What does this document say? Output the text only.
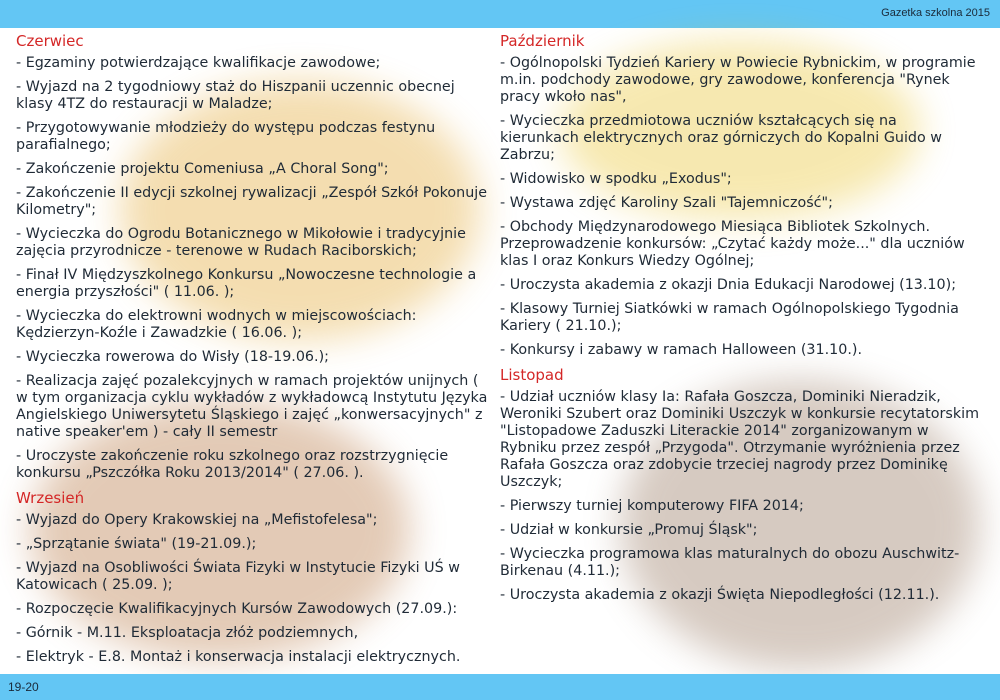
Gazetka szkolna 2015
Czerwiec
- Egzaminy potwierdzające kwalifikacje zawodowe;
- Wyjazd na 2 tygodniowy staż do Hiszpanii uczennic obecnej klasy 4TZ do restauracji w Maladze;
- Przygotowywanie młodzieży do występu podczas festynu parafialnego;
- Zakończenie projektu Comeniusa „A Choral Song";
- Zakończenie II edycji szkolnej rywalizacji „Zespół Szkół Pokonuje Kilometry";
- Wycieczka do Ogrodu Botanicznego w Mikołowie i tradycyjnie zajęcia przyrodnicze - terenowe w Rudach Raciborskich;
- Finał IV Międzyszkolnego Konkursu „Nowoczesne technologie a energia przyszłości" ( 11.06. );
- Wycieczka do elektrowni wodnych w miejscowościach: Kędzierzyn-Koźle i Zawadzkie ( 16.06. );
- Wycieczka rowerowa do Wisły (18-19.06.);
- Realizacja zajęć pozalekcyjnych w ramach projektów unijnych ( w tym organizacja cyklu wykładów z wykładowcą Instytutu Języka Angielskiego Uniwersytetu Śląskiego i zajęć „konwersacyjnych" z native speaker'em ) - cały II semestr
- Uroczyste zakończenie roku szkolnego oraz rozstrzygnięcie konkursu „Pszczółka Roku 2013/2014" ( 27.06. ).
Wrzesień
- Wyjazd do Opery Krakowskiej na „Mefistofelesa";
- „Sprzątanie świata" (19-21.09.);
- Wyjazd na Osobliwości Świata Fizyki w Instytucie Fizyki UŚ w Katowicach ( 25.09. );
- Rozpoczęcie Kwalifikacyjnych Kursów Zawodowych (27.09.):
- Górnik - M.11. Eksploatacja złóż podziemnych,
- Elektryk - E.8. Montaż i konserwacja instalacji elektrycznych.
Październik
- Ogólnopolski Tydzień Kariery w Powiecie Rybnickim, w programie m.in. podchody zawodowe, gry zawodowe, konferencja "Rynek pracy wkoło nas",
- Wycieczka przedmiotowa uczniów kształcących się na kierunkach elektrycznych oraz górniczych do Kopalni Guido w Zabrzu;
- Widowisko w spodku „Exodus";
- Wystawa zdjęć Karoliny Szali "Tajemniczość";
- Obchody Międzynarodowego Miesiąca Bibliotek Szkolnych. Przeprowadzenie konkursów: „Czytać każdy może..." dla uczniów klas I oraz Konkurs Wiedzy Ogólnej;
- Uroczysta akademia z okazji Dnia Edukacji Narodowej (13.10);
- Klasowy Turniej Siatkówki w ramach Ogólnopolskiego Tygodnia Kariery ( 21.10.);
- Konkursy i zabawy w ramach Halloween (31.10.).
Listopad
- Udział uczniów klasy Ia: Rafała Goszcza, Dominiki Nieradzik, Weroniki Szubert oraz Dominiki Uszczyk w konkursie recytatorskim "Listopadowe Zaduszki Literackie 2014" zorganizowanym w Rybniku przez zespół „Przygoda". Otrzymanie wyróżnienia przez Rafała Goszcza oraz zdobycie trzeciej nagrody przez Dominikę Uszczyk;
- Pierwszy turniej komputerowy FIFA 2014;
- Udział w konkursie „Promuj Śląsk";
- Wycieczka programowa klas maturalnych do obozu Auschwitz-Birkenau (4.11.);
- Uroczysta akademia z okazji Święta Niepodległości (12.11.).
19-20
